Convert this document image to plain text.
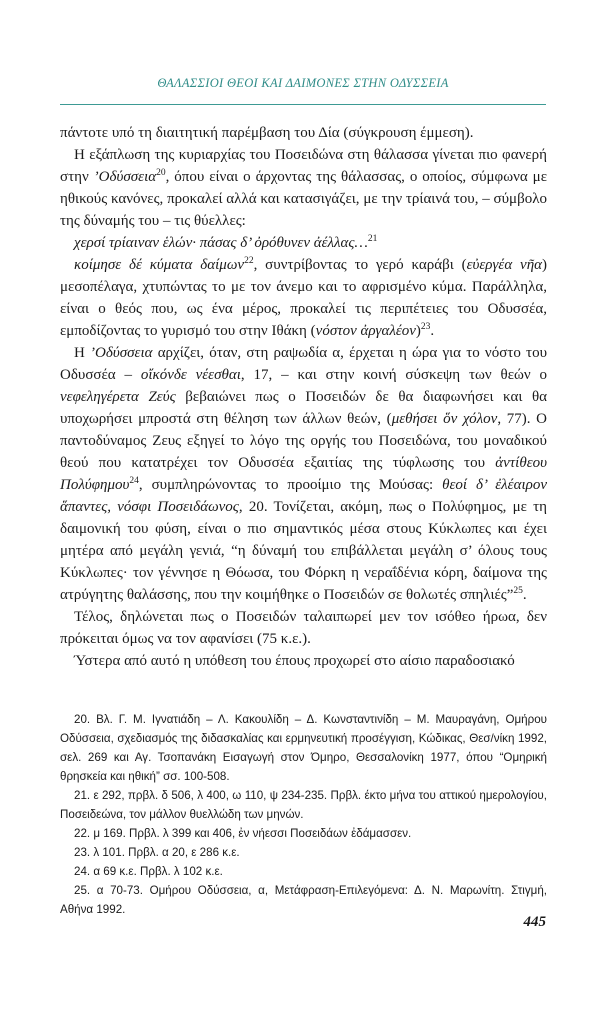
ΘΑΛΑΣΣΙΟΙ ΘΕΟΙ ΚΑΙ ΔΑΙΜΟΝΕΣ ΣΤΗΝ ΟΔΥΣΣΕΙΑ

πάντοτε υπό τη διαιτητική παρέμβαση του Δία (σύγκρουση έμμεση).

Η εξάπλωση της κυριαρχίας του Ποσειδώνα στη θάλασσα γίνεται πιο φανερή στην ’Οδύσσεια$^{20}$, όπου είναι ο άρχοντας της θάλασσας, ο οποίος, σύμφωνα με ηθικούς κανόνες, προκαλεί αλλά και κατασιγάζει, με την τρίαινά του, – σύμβολο της δύναμής του – τις θύελλες:

χερσί τρίαιναν ἑλών· πάσας δ’ ὀρόθυνεν ἀέλλας…$^{21}$

κοίμησε δέ κύματα δαίμων$^{22}$, συντρίβοντας το γερό καράβι (εὐεργέα νῆα) μεσοπέλαγα, χτυπώντας το με τον άνεμο και το αφρισμένο κύμα. Παράλληλα, είναι ο θεός που, ως ένα μέρος, προκαλεί τις περιπέτειες του Οδυσσέα, εμποδίζοντας το γυρισμό του στην Ιθάκη (νόστον ἀργαλέον)$^{23}$.

Η ’Οδύσσεια αρχίζει, όταν, στη ραψωδία α, έρχεται η ώρα για το νόστο του Οδυσσέα – οἴκόνδε νέεσθαι, 17, – και στην κοινή σύσκεψη των θεών ο νεφεληγέρετα Ζεύς βεβαιώνει πως ο Ποσειδών δε θα διαφωνήσει και θα υποχωρήσει μπροστά στη θέληση των άλλων θεών, (μεθήσει ὅν χόλον, 77). Ο παντοδύναμος Ζευς εξηγεί το λόγο της οργής του Ποσειδώνα, του μοναδικού θεού που κατατρέχει τον Οδυσσέα εξαιτίας της τύφλωσης του ἀντίθεου Πολύφημου$^{24}$, συμπληρώνοντας το προοίμιο της Μούσας: θεοί δ’ ἐλέαιρον ἅπαντες, νόσφι Ποσειδάωνος, 20. Τονίζεται, ακόμη, πως ο Πολύφημος, με τη δαιμονική του φύση, είναι ο πιο σημαντικός μέσα στους Κύκλωπες και έχει μητέρα από μεγάλη γενιά, “η δύναμή του επιβάλλεται μεγάλη σ’ όλους τους Κύκλωπες· τον γέννησε η Θόωσα, του Φόρκη η νεραΐδένια κόρη, δαίμονα της ατρύγητης θαλάσσης, που την κοιμήθηκε ο Ποσειδών σε θολωτές σπηλιές”$^{25}$.

Τέλος, δηλώνεται πως ο Ποσειδών ταλαιπωρεί μεν τον ισόθεο ήρωα, δεν πρόκειται όμως να τον αφανίσει (75 κ.ε.).

Ύστερα από αυτό η υπόθεση του έπους προχωρεί στο αίσιο παραδοσιακό

20. Βλ. Γ. Μ. Ιγνατιάδη – Λ. Κακουλίδη – Δ. Κωνσταντινίδη – Μ. Μαυραγάνη, Ομήρου Οδύσσεια, σχεδιασμός της διδασκαλίας και ερμηνευτική προσέγγιση, Κώδικας, Θεσ/νίκη 1992, σελ. 269 και Αγ. Τσοπανάκη Εισαγωγή στον Όμηρο, Θεσσαλονίκη 1977, όπου “Ομηρική θρησκεία και ηθική” σσ. 100-508.

21. ε 292, πρβλ. δ 506, λ 400, ω 110, ψ 234-235. Πρβλ. έκτο μήνα του αττικού ημερολογίου, Ποσειδεώνα, τον μάλλον θυελλώδη των μηνών.

22. μ 169. Πρβλ. λ 399 και 406, ἐν νήεσσι Ποσειδάων ἐδάμασσεν.

23. λ 101. Πρβλ. α 20, ε 286 κ.ε.

24. α 69 κ.ε. Πρβλ. λ 102 κ.ε.

25. α 70-73. Ομήρου Οδύσσεια, α, Μετάφραση-Επιλεγόμενα: Δ. Ν. Μαρωνίτη. Στιγμή, Αθήνα 1992.

445
